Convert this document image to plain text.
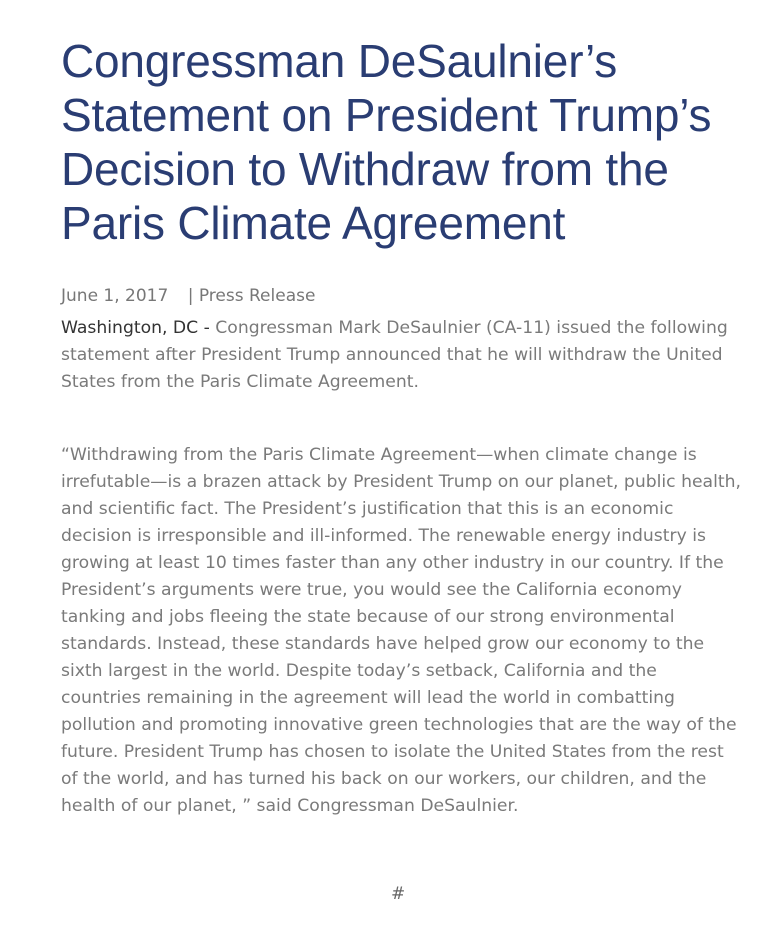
Congressman DeSaulnier’s Statement on President Trump’s Decision to Withdraw from the Paris Climate Agreement
June 1, 2017 | Press Release

Washington, DC - Congressman Mark DeSaulnier (CA-11) issued the following statement after President Trump announced that he will withdraw the United States from the Paris Climate Agreement.

“Withdrawing from the Paris Climate Agreement—when climate change is irrefutable—is a brazen attack by President Trump on our planet, public health, and scientific fact. The President’s justification that this is an economic decision is irresponsible and ill-informed. The renewable energy industry is growing at least 10 times faster than any other industry in our country. If the President’s arguments were true, you would see the California economy tanking and jobs fleeing the state because of our strong environmental standards. Instead, these standards have helped grow our economy to the sixth largest in the world. Despite today’s setback, California and the countries remaining in the agreement will lead the world in combatting pollution and promoting innovative green technologies that are the way of the future. President Trump has chosen to isolate the United States from the rest of the world, and has turned his back on our workers, our children, and the health of our planet, ” said Congressman DeSaulnier.

#
